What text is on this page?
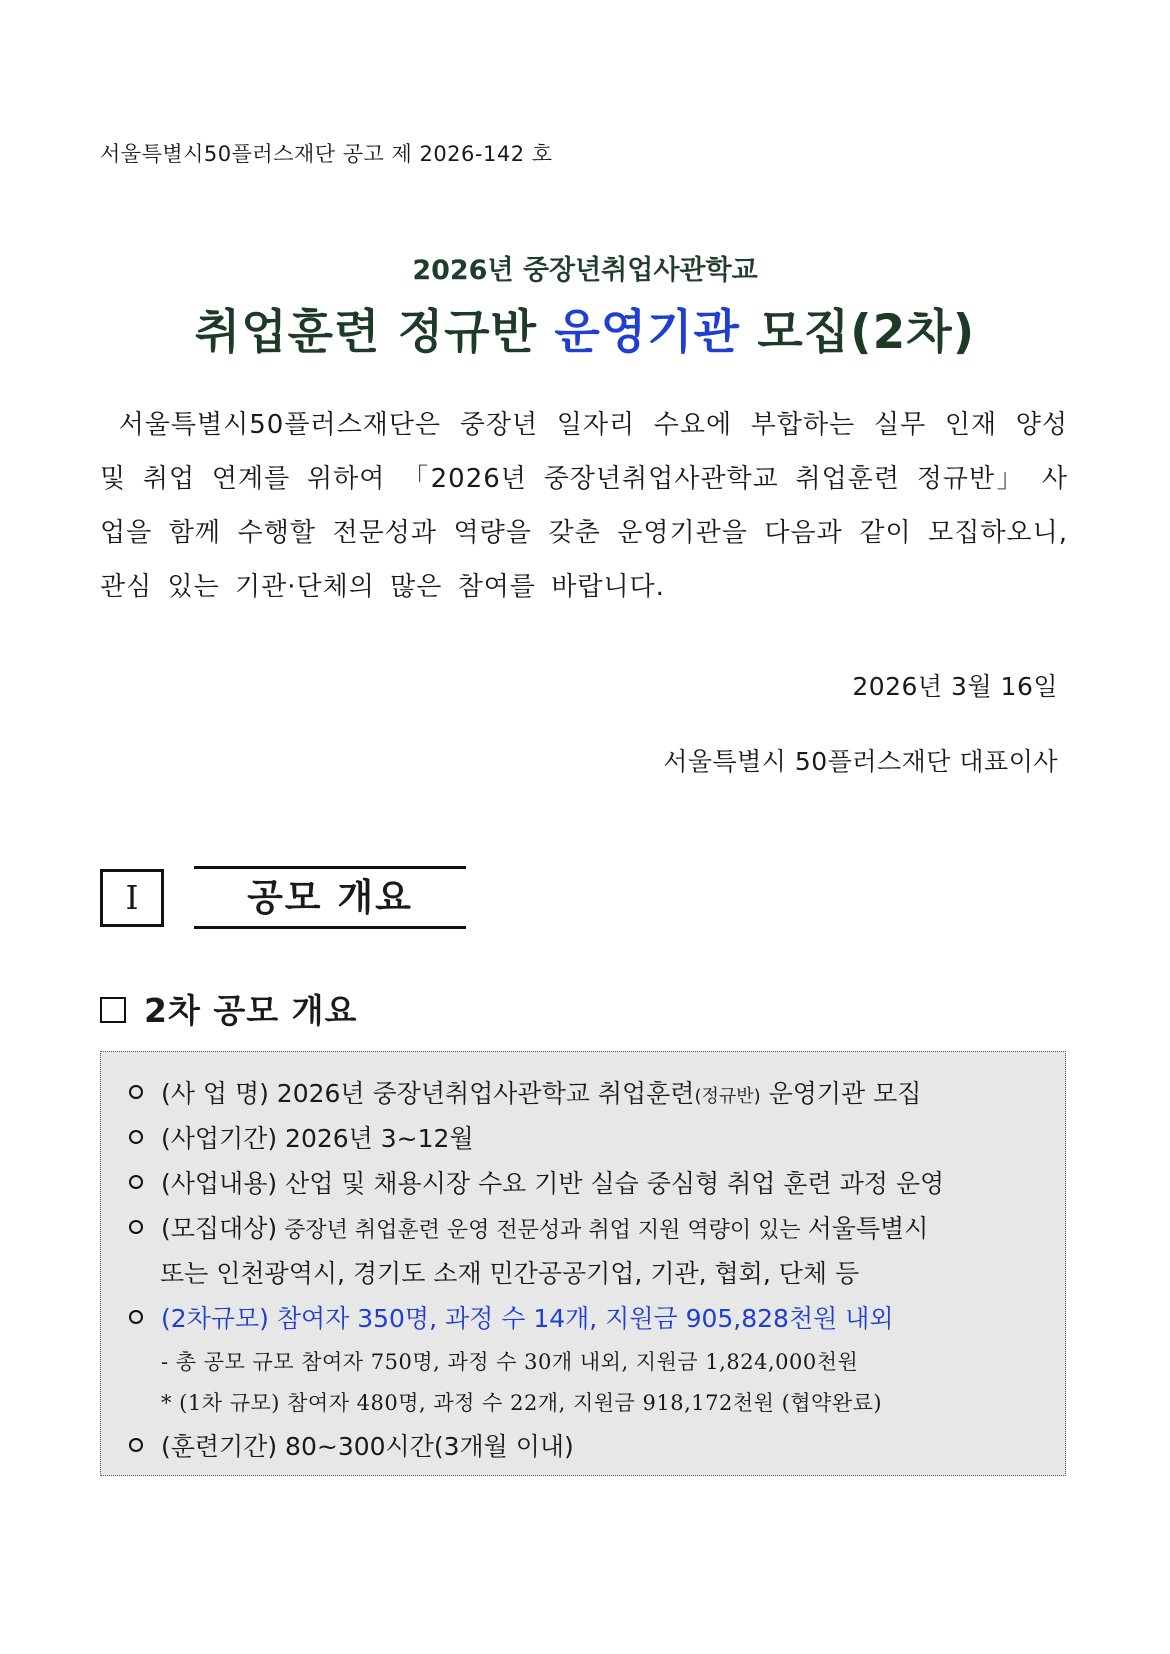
서울특별시50플러스재단 공고 제 2026-142 호
2026년 중장년취업사관학교
취업훈련 정규반 운영기관 모집(2차)
서울특별시50플러스재단은 중장년 일자리 수요에 부합하는 실무 인재 양성 및 취업 연계를 위하여 「2026년 중장년취업사관학교 취업훈련 정규반」 사업을 함께 수행할 전문성과 역량을 갖춘 운영기관을 다음과 같이 모집하오니, 관심 있는 기관·단체의 많은 참여를 바랍니다.
2026년 3월 16일
서울특별시 50플러스재단 대표이사
Ⅰ	공모 개요
2차 공모 개요
(사 업 명) 2026년 중장년취업사관학교 취업훈련(정규반) 운영기관 모집
(사업기간) 2026년 3~12월
(사업내용) 산업 및 채용시장 수요 기반 실습 중심형 취업 훈련 과정 운영
(모집대상) 중장년 취업훈련 운영 전문성과 취업 지원 역량이 있는 서울특별시
또는 인천광역시, 경기도 소재 민간공공기업, 기관, 협회, 단체 등
(2차규모) 참여자 350명, 과정 수 14개, 지원금 905,828천원 내외
- 총 공모 규모 참여자 750명, 과정 수 30개 내외, 지원금 1,824,000천원
* (1차 규모) 참여자 480명, 과정 수 22개, 지원금 918,172천원 (협약완료)
(훈련기간) 80~300시간(3개월 이내)
